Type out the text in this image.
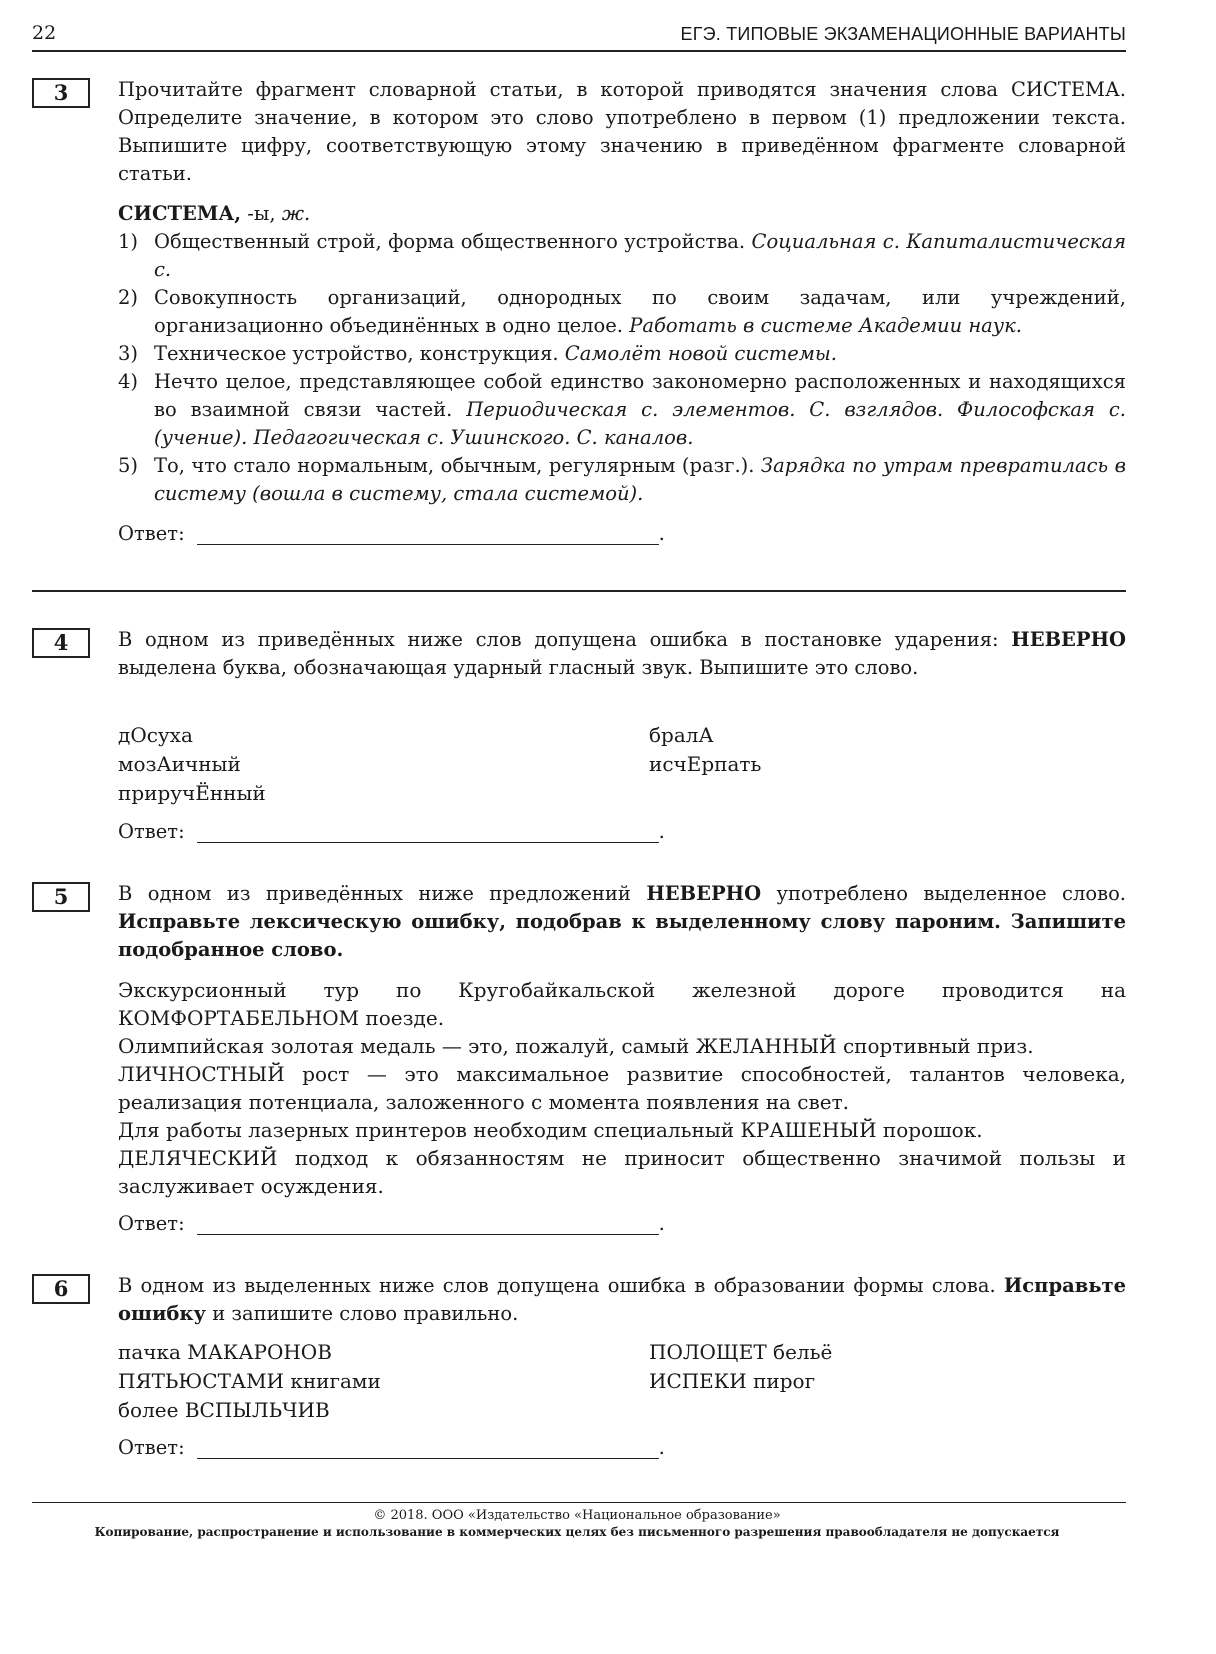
22	ЕГЭ. ТИПОВЫЕ ЭКЗАМЕНАЦИОННЫЕ ВАРИАНТЫ
3	Прочитайте фрагмент словарной статьи, в которой приводятся значения слова СИСТЕМА. Определите значение, в котором это слово употреблено в первом (1) предложении текста. Выпишите цифру, соответствующую этому значению в приведённом фрагменте словарной статьи.
СИСТЕМА, -ы, ж.
1) Общественный строй, форма общественного устройства. Социальная с. Капиталистическая с.
2) Совокупность организаций, однородных по своим задачам, или учреждений, организационно объединённых в одно целое. Работать в системе Академии наук.
3) Техническое устройство, конструкция. Самолёт новой системы.
4) Нечто целое, представляющее собой единство закономерно расположенных и находящихся во взаимной связи частей. Периодическая с. элементов. С. взглядов. Философская с. (учение). Педагогическая с. Ушинского. С. каналов.
5) То, что стало нормальным, обычным, регулярным (разг.). Зарядка по утрам превратилась в систему (вошла в систему, стала системой).
Ответ:	.
4	В одном из приведённых ниже слов допущена ошибка в постановке ударения: НЕВЕРНО выделена буква, обозначающая ударный гласный звук. Выпишите это слово.
дОсуха
мозАичный
приручЁнный
бралА
исчЕрпать
Ответ:	.
5	В одном из приведённых ниже предложений НЕВЕРНО употреблено выделенное слово. Исправьте лексическую ошибку, подобрав к выделенному слову пароним. Запишите подобранное слово.
Экскурсионный тур по Кругобайкальской железной дороге проводится на КОМФОРТАБЕЛЬНОМ поезде.
Олимпийская золотая медаль — это, пожалуй, самый ЖЕЛАННЫЙ спортивный приз.
ЛИЧНОСТНЫЙ рост — это максимальное развитие способностей, талантов человека, реализация потенциала, заложенного с момента появления на свет.
Для работы лазерных принтеров необходим специальный КРАШЕНЫЙ порошок.
ДЕЛЯЧЕСКИЙ подход к обязанностям не приносит общественно значимой пользы и заслуживает осуждения.
Ответ:	.
6	В одном из выделенных ниже слов допущена ошибка в образовании формы слова. Исправьте ошибку и запишите слово правильно.
пачка МАКАРОНОВ
ПЯТЬЮСТАМИ книгами
более ВСПЫЛЬЧИВ
ПОЛОЩЕТ бельё
ИСПЕКИ пирог
Ответ:	.
© 2018. ООО «Издательство «Национальное образование»
Копирование, распространение и использование в коммерческих целях без письменного разрешения правообладателя не допускается
